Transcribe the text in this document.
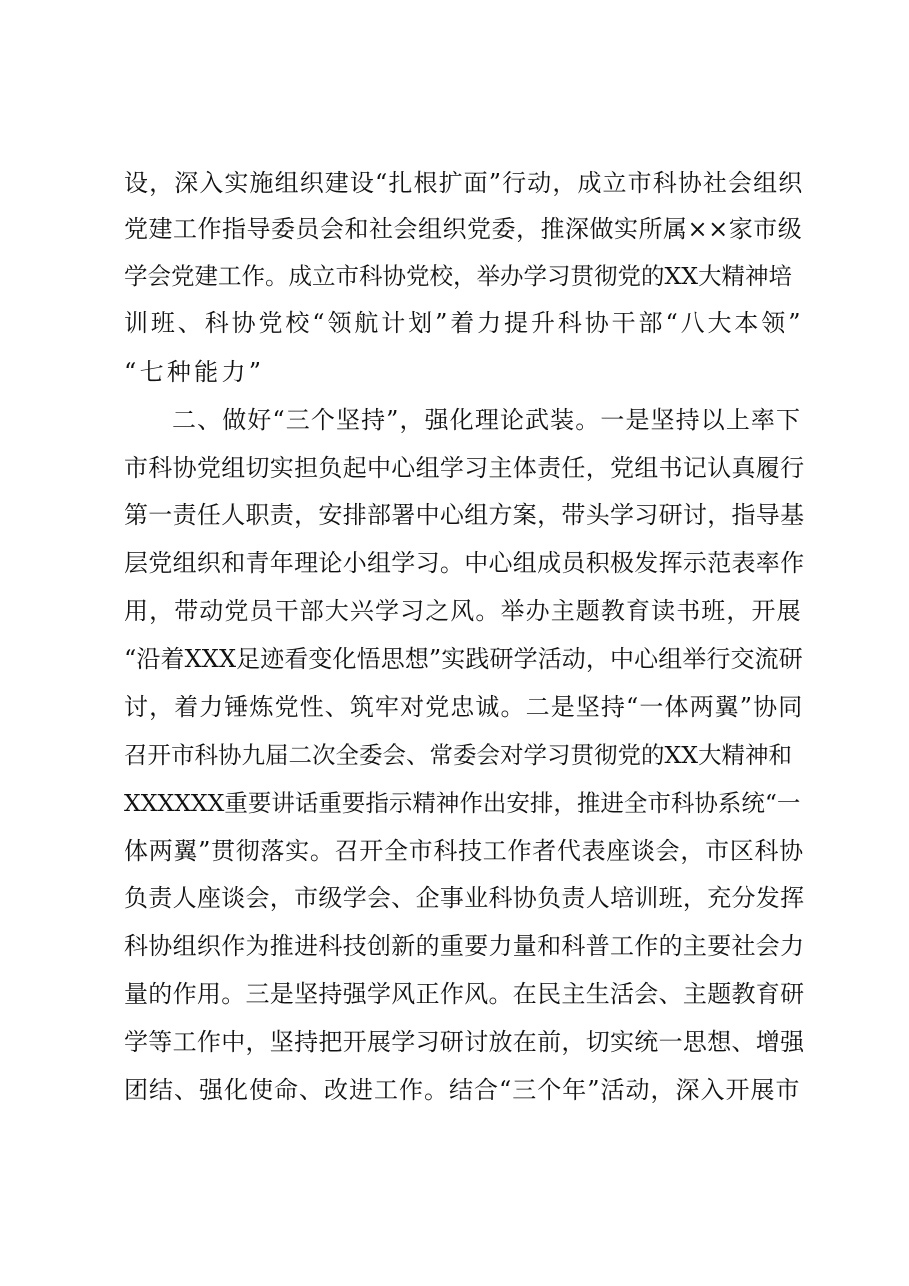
设，深入实施组织建设“扎根扩面”行动，成立市科协社会组织
党建工作指导委员会和社会组织党委，推深做实所属××家市级
学会党建工作。成立市科协党校，举办学习贯彻党的XX大精神培
训班、科协党校“领航计划”着力提升科协干部“八大本领”
“七种能力”
二、做好“三个坚持”，强化理论武装。一是坚持以上率下
市科协党组切实担负起中心组学习主体责任，党组书记认真履行
第一责任人职责，安排部署中心组方案，带头学习研讨，指导基
层党组织和青年理论小组学习。中心组成员积极发挥示范表率作
用，带动党员干部大兴学习之风。举办主题教育读书班，开展
“沿着XXX足迹看变化悟思想”实践研学活动，中心组举行交流研
讨，着力锤炼党性、筑牢对党忠诚。二是坚持“一体两翼”协同
召开市科协九届二次全委会、常委会对学习贯彻党的XX大精神和
XXXXXX重要讲话重要指示精神作出安排，推进全市科协系统“一
体两翼”贯彻落实。召开全市科技工作者代表座谈会，市区科协
负责人座谈会，市级学会、企事业科协负责人培训班，充分发挥
科协组织作为推进科技创新的重要力量和科普工作的主要社会力
量的作用。三是坚持强学风正作风。在民主生活会、主题教育研
学等工作中，坚持把开展学习研讨放在前，切实统一思想、增强
团结、强化使命、改进工作。结合“三个年”活动，深入开展市
